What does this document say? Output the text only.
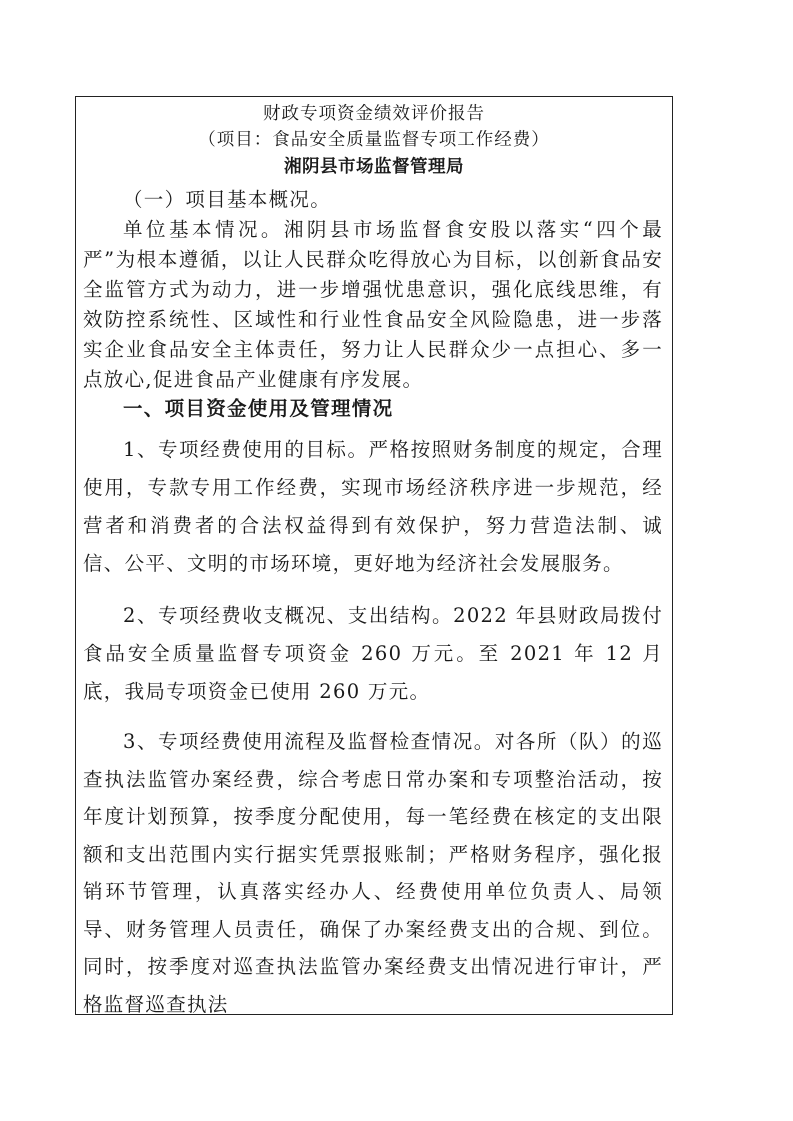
财政专项资金绩效评价报告
（项目：食品安全质量监督专项工作经费）
湘阴县市场监督管理局

（一）项目基本概况。

单位基本情况。湘阴县市场监督食安股以落实“四个最严”为根本遵循，以让人民群众吃得放心为目标，以创新食品安全监管方式为动力，进一步增强忧患意识，强化底线思维，有效防控系统性、区域性和行业性食品安全风险隐患，进一步落实企业食品安全主体责任，努力让人民群众少一点担心、多一点放心,促进食品产业健康有序发展。

一、项目资金使用及管理情况

1、专项经费使用的目标。严格按照财务制度的规定，合理使用，专款专用工作经费，实现市场经济秩序进一步规范，经营者和消费者的合法权益得到有效保护，努力营造法制、诚信、公平、文明的市场环境，更好地为经济社会发展服务。

2、专项经费收支概况、支出结构。2022 年县财政局拨付食品安全质量监督专项资金 260 万元。至 2021 年 12 月底，我局专项资金已使用 260 万元。

3、专项经费使用流程及监督检查情况。对各所（队）的巡查执法监管办案经费，综合考虑日常办案和专项整治活动，按年度计划预算，按季度分配使用，每一笔经费在核定的支出限额和支出范围内实行据实凭票报账制；严格财务程序，强化报销环节管理，认真落实经办人、经费使用单位负责人、局领导、财务管理人员责任，确保了办案经费支出的合规、到位。同时，按季度对巡查执法监管办案经费支出情况进行审计，严格监督巡查执法
